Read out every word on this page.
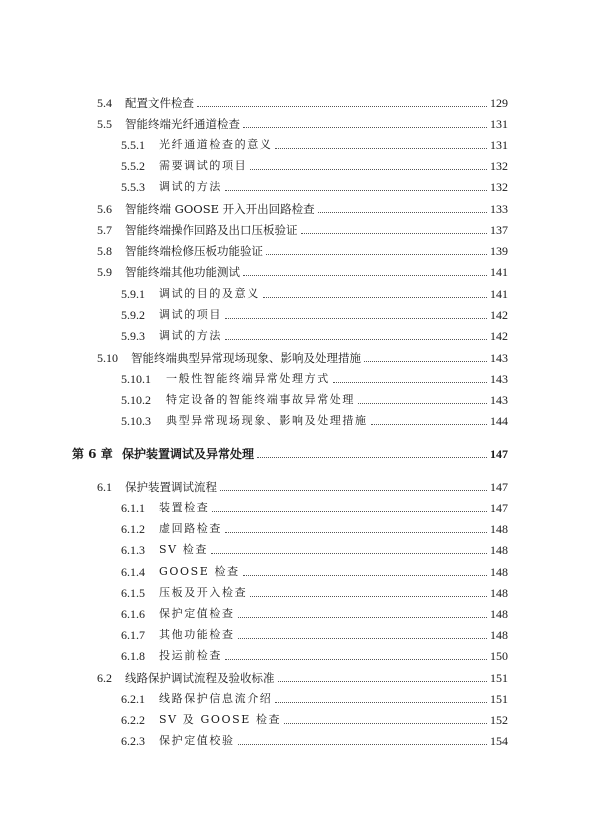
5.4	配置文件检查	129
5.5	智能终端光纤通道检查	131
5.5.1	光纤通道检查的意义	131
5.5.2	需要调试的项目	132
5.5.3	调试的方法	132
5.6	智能终端 GOOSE 开入开出回路检查	133
5.7	智能终端操作回路及出口压板验证	137
5.8	智能终端检修压板功能验证	139
5.9	智能终端其他功能测试	141
5.9.1	调试的目的及意义	141
5.9.2	调试的项目	142
5.9.3	调试的方法	142
5.10	智能终端典型异常现场现象、影响及处理措施	143
5.10.1	一般性智能终端异常处理方式	143
5.10.2	特定设备的智能终端事故异常处理	143
5.10.3	典型异常现场现象、影响及处理措施	144
第 6 章 保护装置调试及异常处理	147
6.1	保护装置调试流程	147
6.1.1	装置检查	147
6.1.2	虚回路检查	148
6.1.3	SV 检查	148
6.1.4	GOOSE 检查	148
6.1.5	压板及开入检查	148
6.1.6	保护定值检查	148
6.1.7	其他功能检查	148
6.1.8	投运前检查	150
6.2	线路保护调试流程及验收标准	151
6.2.1	线路保护信息流介绍	151
6.2.2	SV 及 GOOSE 检查	152
6.2.3	保护定值校验	154
